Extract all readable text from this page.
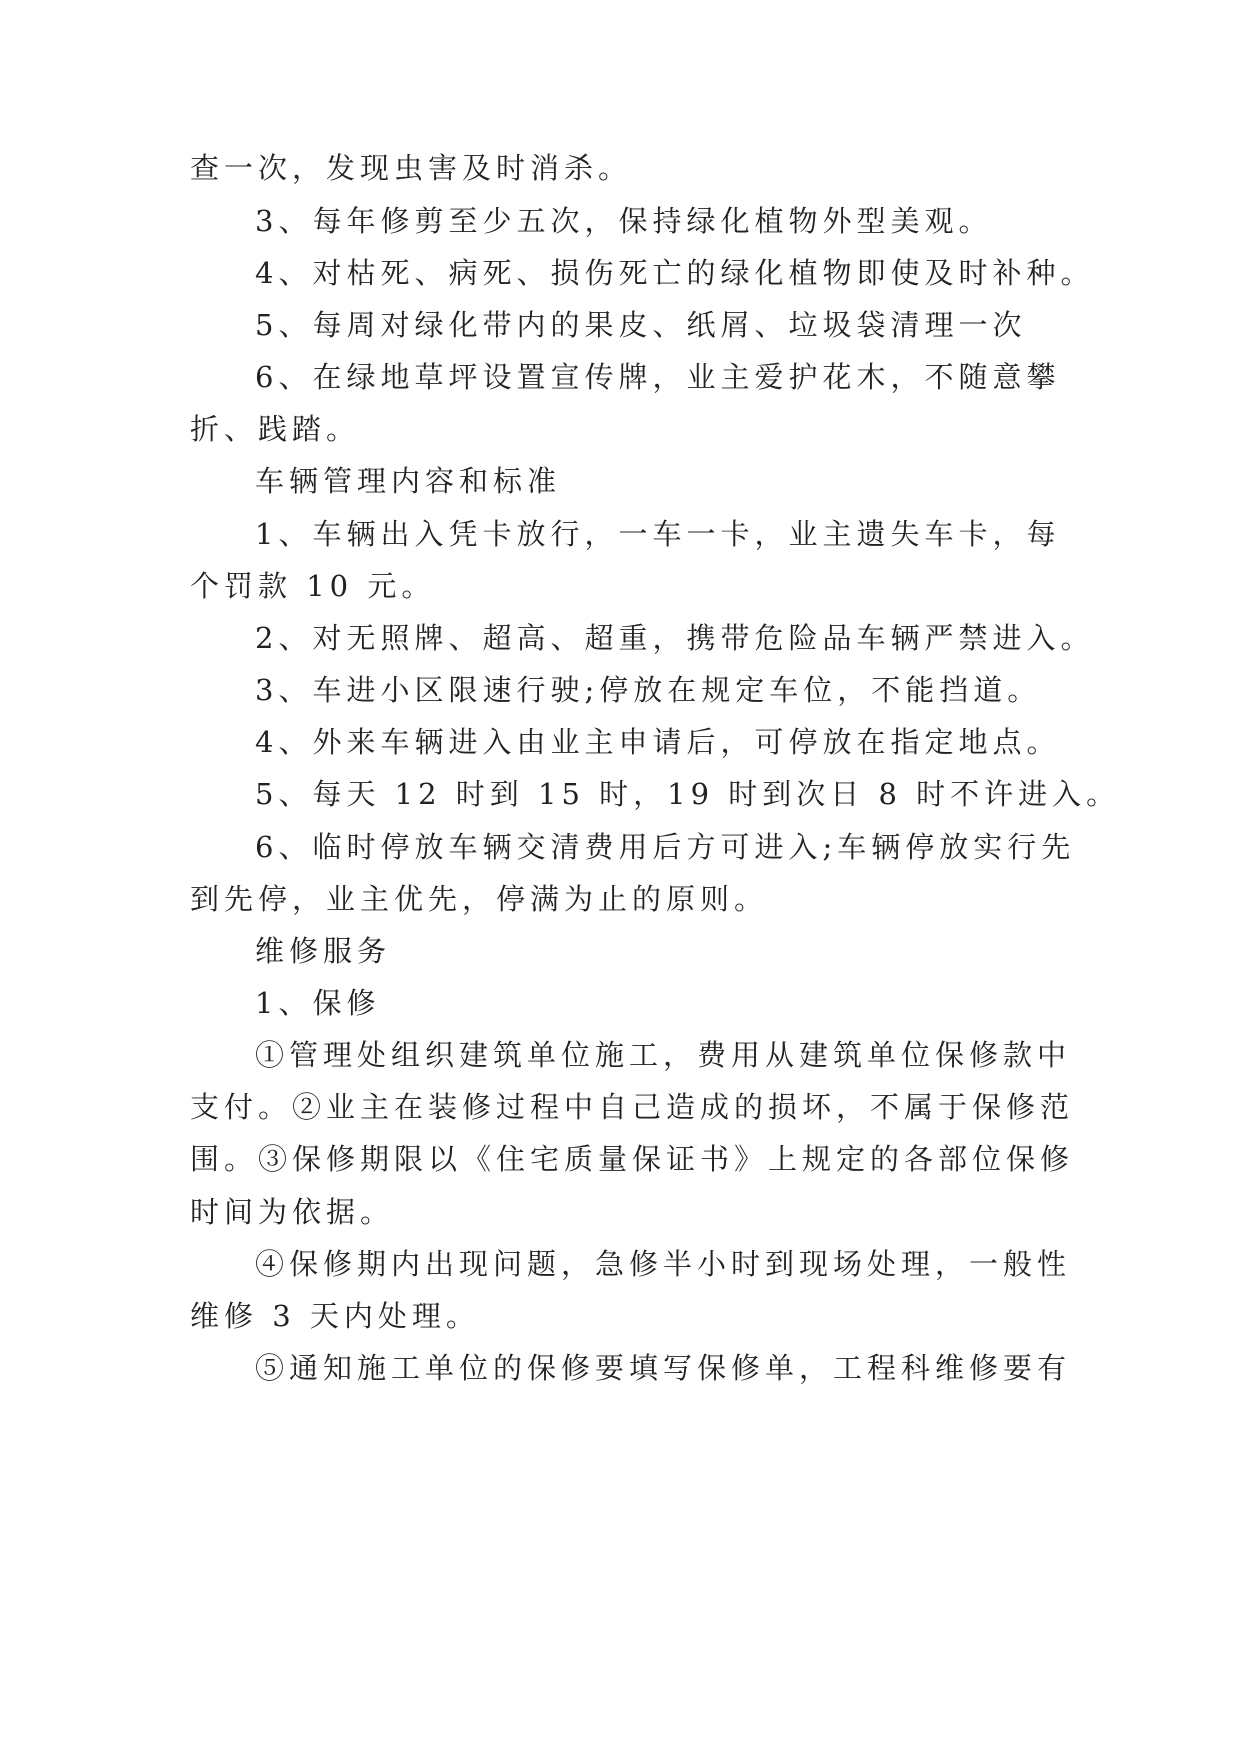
查一次，发现虫害及时消杀。
3、每年修剪至少五次，保持绿化植物外型美观。
4、对枯死、病死、损伤死亡的绿化植物即使及时补种。
5、每周对绿化带内的果皮、纸屑、垃圾袋清理一次
6、在绿地草坪设置宣传牌，业主爱护花木，不随意攀
折、践踏。
车辆管理内容和标准
1、车辆出入凭卡放行，一车一卡，业主遗失车卡，每
个罚款 10 元。
2、对无照牌、超高、超重，携带危险品车辆严禁进入。
3、车进小区限速行驶;停放在规定车位，不能挡道。
4、外来车辆进入由业主申请后，可停放在指定地点。
5、每天 12 时到 15 时，19 时到次日 8 时不许进入。
6、临时停放车辆交清费用后方可进入;车辆停放实行先
到先停，业主优先，停满为止的原则。
维修服务
1、保修
①管理处组织建筑单位施工，费用从建筑单位保修款中
支付。②业主在装修过程中自己造成的损坏，不属于保修范
围。③保修期限以《住宅质量保证书》上规定的各部位保修
时间为依据。
④保修期内出现问题，急修半小时到现场处理，一般性
维修 3 天内处理。
⑤通知施工单位的保修要填写保修单，工程科维修要有
